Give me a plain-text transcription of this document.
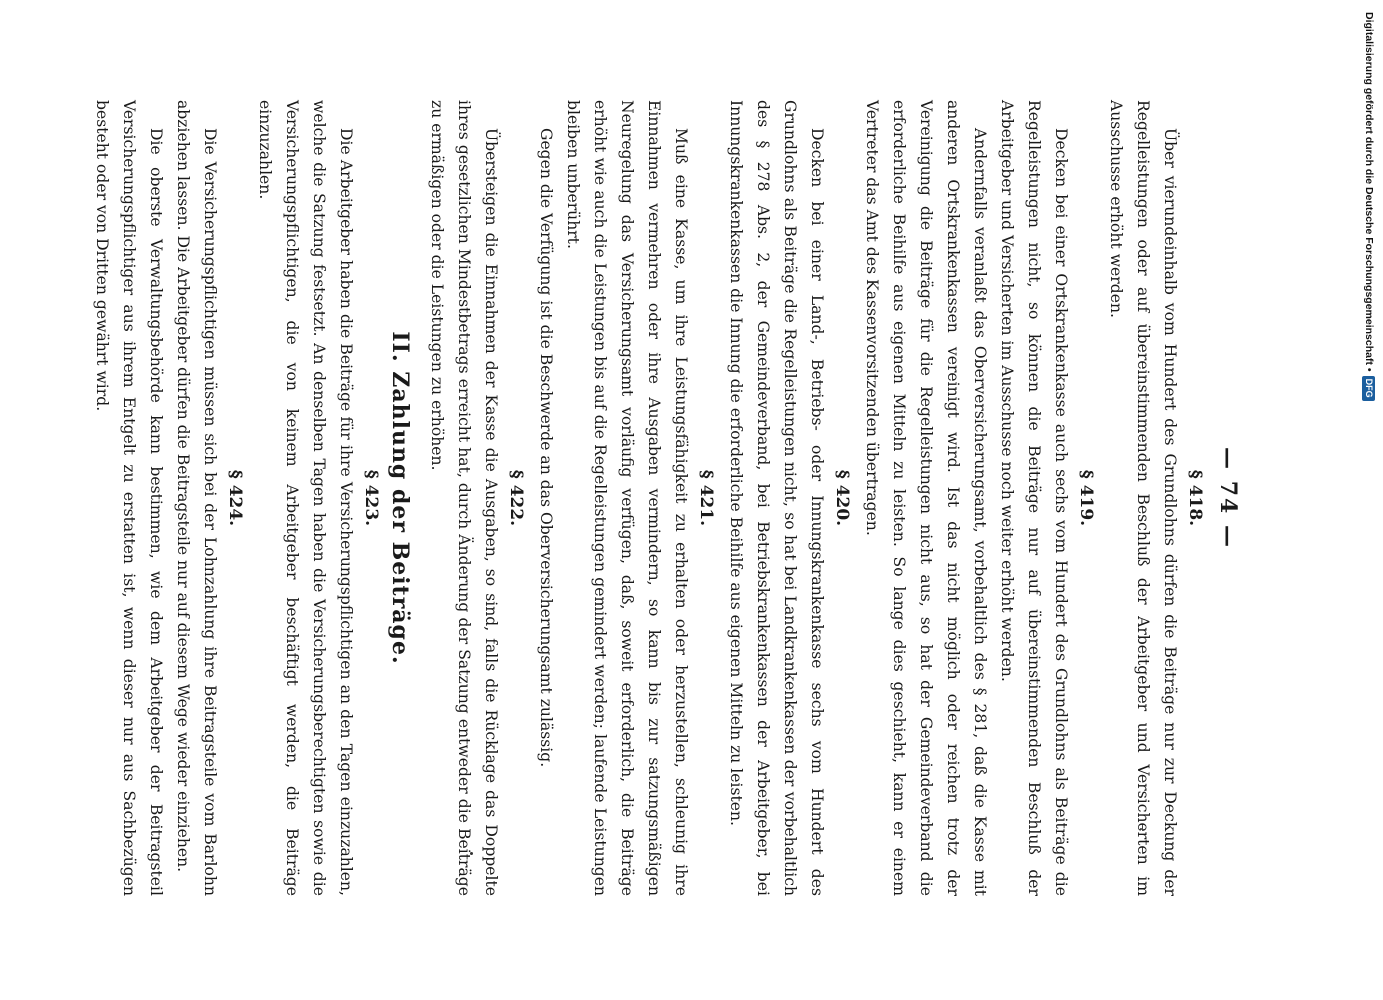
Digitalisierung gefördert durch die Deutsche Forschungsgemeinschaft •DFG
— 74 —
§ 418.

Über vierundeinhalb vom Hundert des Grundlohns dürfen die Beiträge nur zur Deckung der Regelleistungen oder auf übereinstimmenden Beschluß der Arbeitgeber und Versicherten im Ausschusse erhöht werden.

§ 419.

Decken bei einer Ortskrankenkasse auch sechs vom Hundert des Grundlohns als Beiträge die Regelleistungen nicht, so können die Beiträge nur auf übereinstimmenden Beschluß der Arbeitgeber und Versicherten im Ausschusse noch weiter erhöht werden.

Andernfalls veranlaßt das Oberversicherungsamt, vorbehaltlich des § 281, daß die Kasse mit anderen Ortskrankenkassen vereinigt wird. Ist das nicht möglich oder reichen trotz der Vereinigung die Beiträge für die Regelleistungen nicht aus, so hat der Gemeindeverband die erforderliche Beihilfe aus eigenen Mitteln zu leisten. So lange dies geschieht, kann er einem Vertreter das Amt des Kassenvorsitzenden übertragen.

§ 420.

Decken bei einer Land-, Betriebs- oder Innungskrankenkasse sechs vom Hundert des Grundlohns als Beiträge die Regelleistungen nicht, so hat bei Landkrankenkassen der vorbehaltlich des § 278 Abs. 2, der Gemeindeverband, bei Betriebskrankenkassen der Arbeitgeber, bei Innungskrankenkassen die Innung die erforderliche Beihilfe aus eigenen Mitteln zu leisten.

§ 421.

Muß eine Kasse, um ihre Leistungsfähigkeit zu erhalten oder herzustellen, schleunig ihre Einnahmen vermehren oder ihre Ausgaben vermindern, so kann bis zur satzungsmäßigen Neuregelung das Versicherungsamt vorläufig verfügen, daß, soweit erforderlich, die Beiträge erhöht wie auch die Leistungen bis auf die Regelleistungen gemindert werden; laufende Leistungen bleiben unberührt.

Gegen die Verfügung ist die Beschwerde an das Oberversicherungsamt zulässig.

§ 422.

Übersteigen die Einnahmen der Kasse die Ausgaben, so sind, falls die Rücklage das Doppelte ihres gesetzlichen Mindestbetrags erreicht hat, durch Änderung der Satzung entweder die Beiträge zu ermäßigen oder die Leistungen zu erhöhen.

II. Zahlung der Beiträge.
§ 423.

Die Arbeitgeber haben die Beiträge für ihre Versicherungspflichtigen an den Tagen einzuzahlen, welche die Satzung festsetzt. An denselben Tagen haben die Versicherungsberechtigten sowie die Versicherungspflichtigen, die von keinem Arbeitgeber beschäftigt werden, die Beiträge einzuzahlen.

§ 424.

Die Versicherungspflichtigen müssen sich bei der Lohnzahlung ihre Beitragsteile vom Barlohn abziehen lassen. Die Arbeitgeber dürfen die Beitragsteile nur auf diesem Wege wieder einziehen.

Die oberste Verwaltungsbehörde kann bestimmen, wie dem Arbeitgeber der Beitragsteil Versicherungspflichtiger aus ihrem Entgelt zu erstatten ist, wenn dieser nur aus Sachbezügen besteht oder von Dritten gewährt wird.
